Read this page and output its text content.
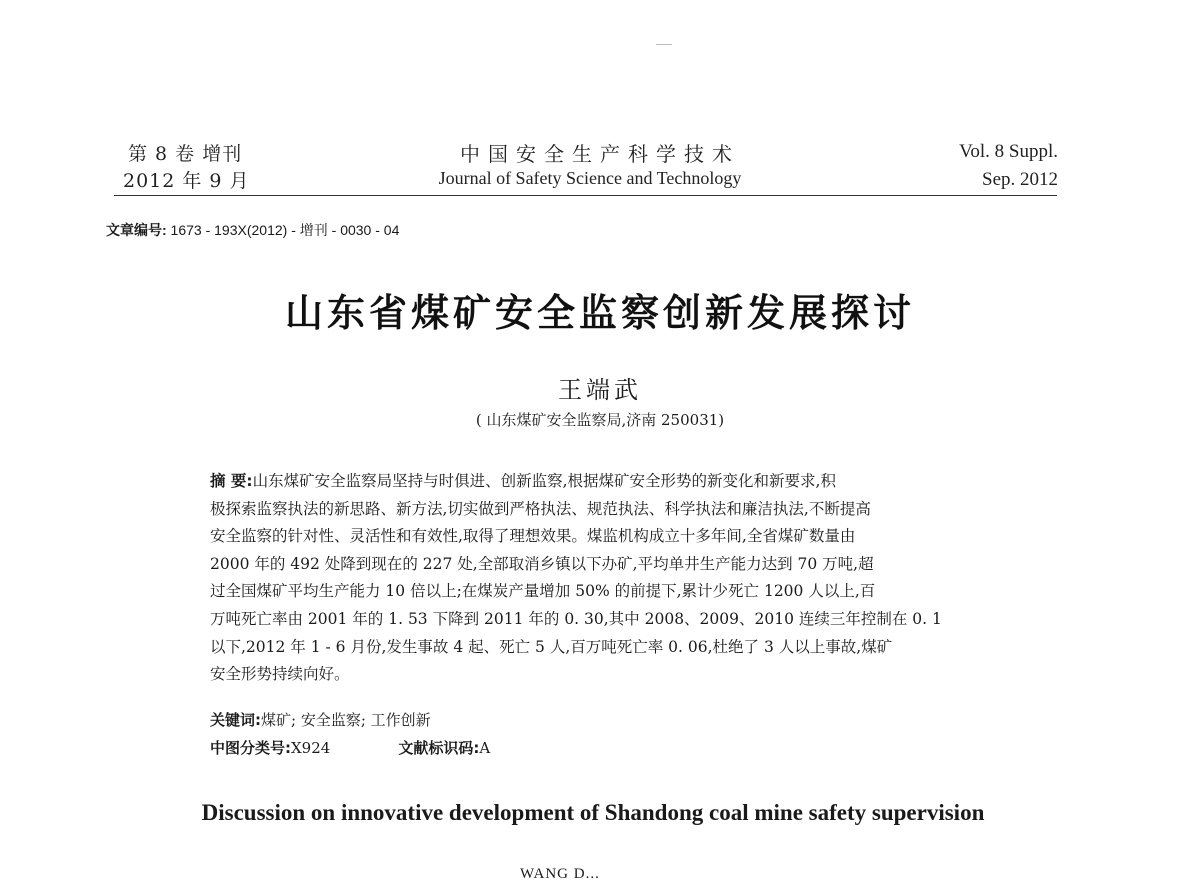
第 8 卷 增刊

2012 年 9 月

中国安全生产科学技术

Journal of Safety Science and Technology

Vol. 8 Suppl.

Sep. 2012

文章编号: 1673 - 193X(2012) - 增刊 - 0030 - 04

山东省煤矿安全监察创新发展探讨

王端武

( 山东煤矿安全监察局,济南 250031)

摘 要:山东煤矿安全监察局坚持与时俱进、创新监察,根据煤矿安全形势的新变化和新要求,积
极探索监察执法的新思路、新方法,切实做到严格执法、规范执法、科学执法和廉洁执法,不断提高
安全监察的针对性、灵活性和有效性,取得了理想效果。煤监机构成立十多年间,全省煤矿数量由
2000 年的 492 处降到现在的 227 处,全部取消乡镇以下办矿,平均单井生产能力达到 70 万吨,超
过全国煤矿平均生产能力 10 倍以上;在煤炭产量增加 50% 的前提下,累计少死亡 1200 人以上,百
万吨死亡率由 2001 年的 1. 53 下降到 2011 年的 0. 30,其中 2008、2009、2010 连续三年控制在 0. 1
以下,2012 年 1 - 6 月份,发生事故 4 起、死亡 5 人,百万吨死亡率 0. 06,杜绝了 3 人以上事故,煤矿
安全形势持续向好。

关键词:煤矿; 安全监察; 工作创新

中图分类号:X924	文献标识码:A

Discussion on innovative development of Shandong coal mine safety supervision

WANG D...
